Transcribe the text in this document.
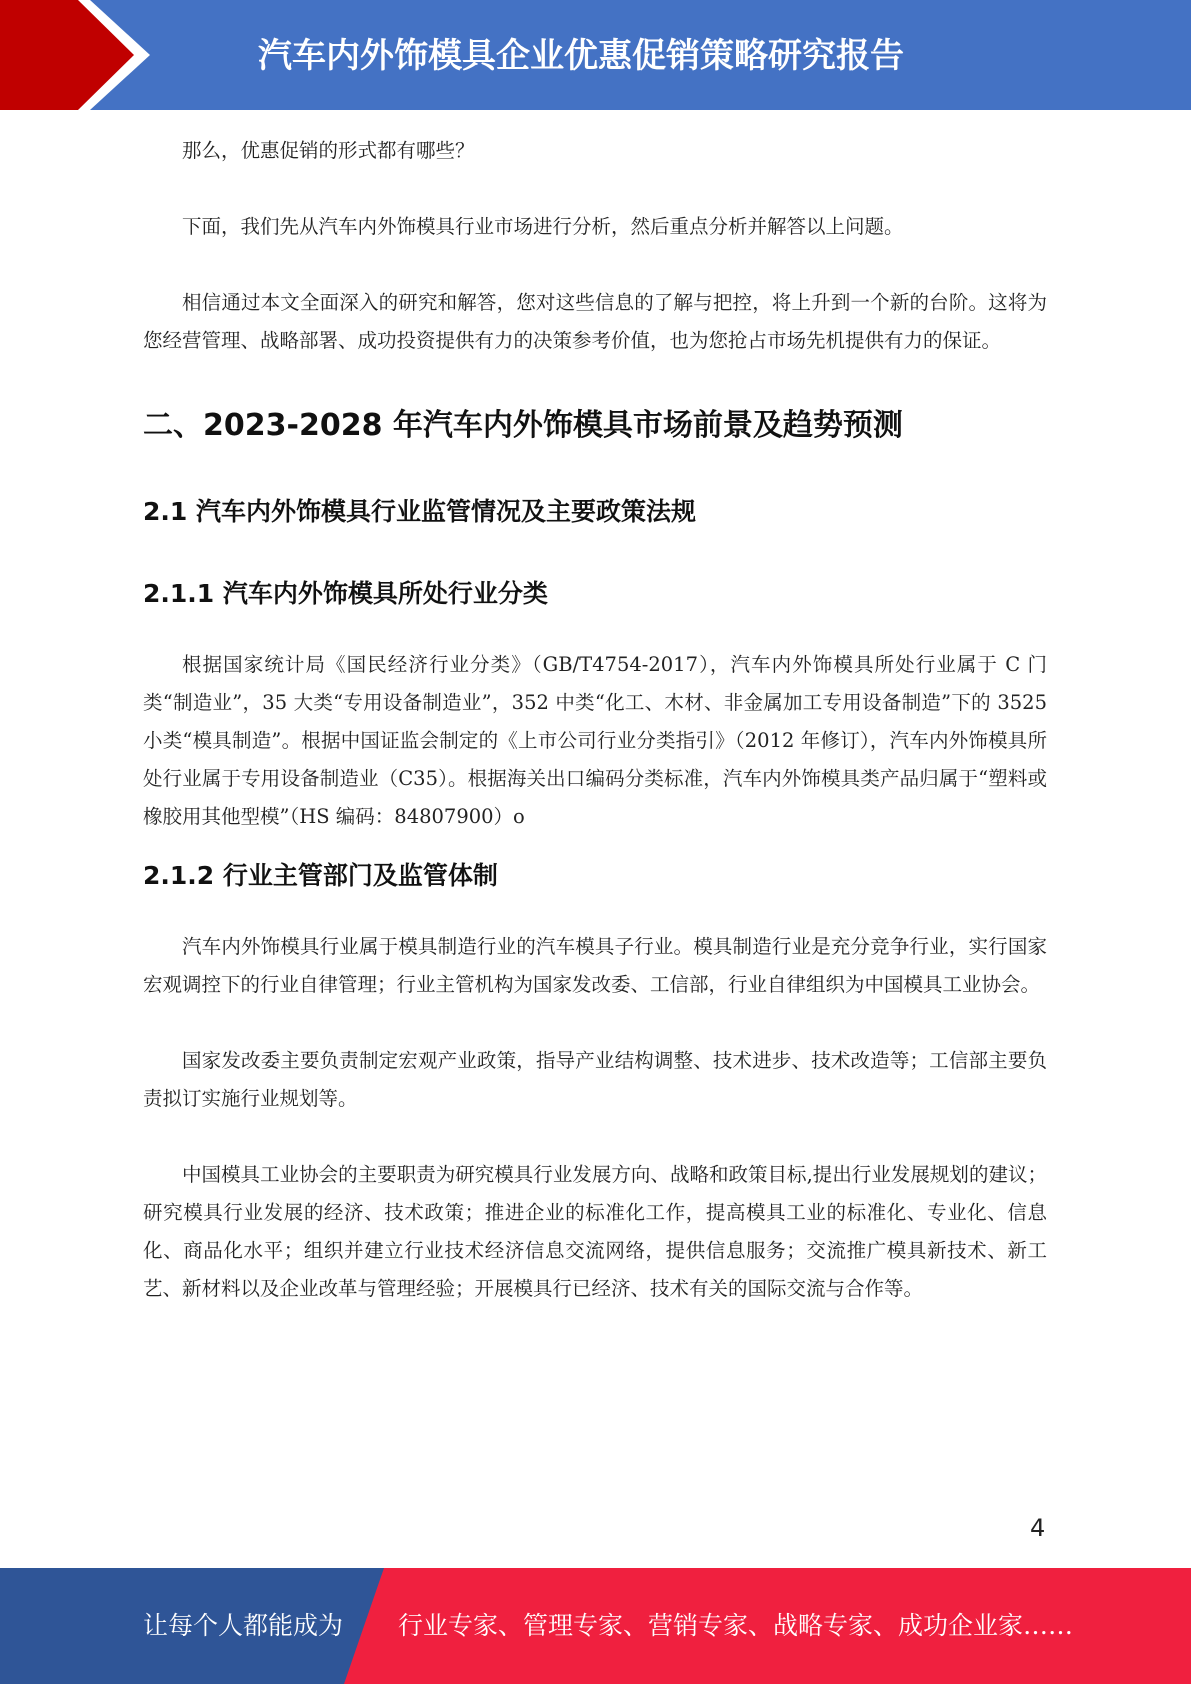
汽车内外饰模具企业优惠促销策略研究报告

那么，优惠促销的形式都有哪些？

下面，我们先从汽车内外饰模具行业市场进行分析，然后重点分析并解答以上问题。

相信通过本文全面深入的研究和解答，您对这些信息的了解与把控，将上升到一个新的台阶。这将为您经营管理、战略部署、成功投资提供有力的决策参考价值，也为您抢占市场先机提供有力的保证。

二、2023-2028 年汽车内外饰模具市场前景及趋势预测
2.1 汽车内外饰模具行业监管情况及主要政策法规
2.1.1 汽车内外饰模具所处行业分类

根据国家统计局《国民经济行业分类》（GB/T4754-2017），汽车内外饰模具所处行业属于 C 门类“制造业”，35 大类“专用设备制造业”，352 中类“化工、木材、非金属加工专用设备制造”下的 3525 小类“模具制造”。根据中国证监会制定的《上市公司行业分类指引》（2012 年修订），汽车内外饰模具所处行业属于专用设备制造业（C35）。根据海关出口编码分类标准，汽车内外饰模具类产品归属于“塑料或橡胶用其他型模”（HS 编码：84807900）o

2.1.2 行业主管部门及监管体制

汽车内外饰模具行业属于模具制造行业的汽车模具子行业。模具制造行业是充分竞争行业，实行国家宏观调控下的行业自律管理；行业主管机构为国家发改委、工信部，行业自律组织为中国模具工业协会。

国家发改委主要负责制定宏观产业政策，指导产业结构调整、技术进步、技术改造等；工信部主要负责拟订实施行业规划等。

中国模具工业协会的主要职责为研究模具行业发展方向、战略和政策目标,提出行业发展规划的建议；研究模具行业发展的经济、技术政策；推进企业的标准化工作，提高模具工业的标准化、专业化、信息化、商品化水平；组织并建立行业技术经济信息交流网络，提供信息服务；交流推广模具新技术、新工艺、新材料以及企业改革与管理经验；开展模具行已经济、技术有关的国际交流与合作等。

4
让每个人都能成为 行业专家、管理专家、营销专家、战略专家、成功企业家……
